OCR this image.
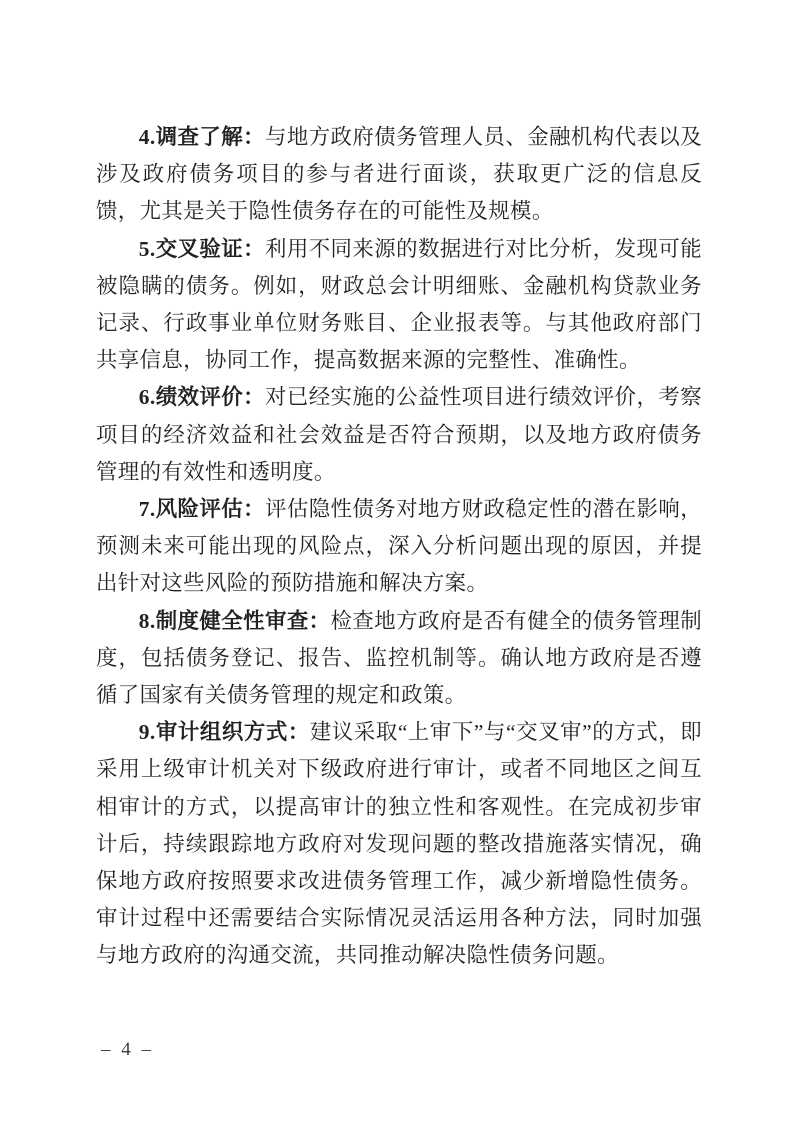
4.调查了解：与地方政府债务管理人员、金融机构代表以及涉及政府债务项目的参与者进行面谈，获取更广泛的信息反馈，尤其是关于隐性债务存在的可能性及规模。

5.交叉验证：利用不同来源的数据进行对比分析，发现可能被隐瞒的债务。例如，财政总会计明细账、金融机构贷款业务记录、行政事业单位财务账目、企业报表等。与其他政府部门共享信息，协同工作，提高数据来源的完整性、准确性。

6.绩效评价：对已经实施的公益性项目进行绩效评价，考察项目的经济效益和社会效益是否符合预期，以及地方政府债务管理的有效性和透明度。

7.风险评估：评估隐性债务对地方财政稳定性的潜在影响，预测未来可能出现的风险点，深入分析问题出现的原因，并提出针对这些风险的预防措施和解决方案。

8.制度健全性审查：检查地方政府是否有健全的债务管理制度，包括债务登记、报告、监控机制等。确认地方政府是否遵循了国家有关债务管理的规定和政策。

9.审计组织方式：建议采取“上审下”与“交叉审”的方式，即采用上级审计机关对下级政府进行审计，或者不同地区之间互相审计的方式，以提高审计的独立性和客观性。在完成初步审计后，持续跟踪地方政府对发现问题的整改措施落实情况，确保地方政府按照要求改进债务管理工作，减少新增隐性债务。审计过程中还需要结合实际情况灵活运用各种方法，同时加强与地方政府的沟通交流，共同推动解决隐性债务问题。

– 4 –
